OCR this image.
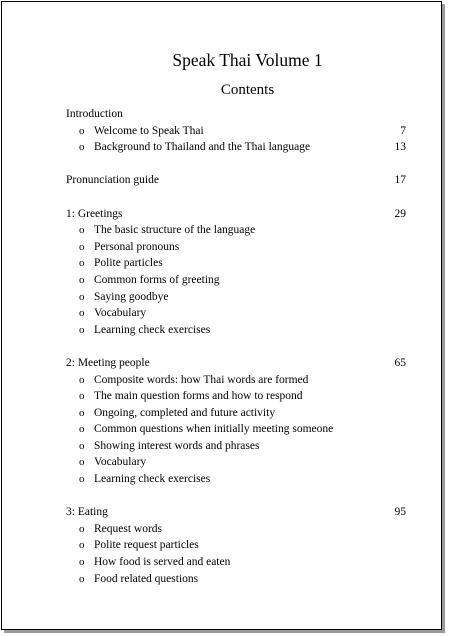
Speak Thai Volume 1
Contents
Introduction
o Welcome to Speak Thai	7
o Background to Thailand and the Thai language	13
Pronunciation guide	17
1: Greetings	29
o The basic structure of the language
o Personal pronouns
o Polite particles
o Common forms of greeting
o Saying goodbye
o Vocabulary
o Learning check exercises
2: Meeting people	65
o Composite words: how Thai words are formed
o The main question forms and how to respond
o Ongoing, completed and future activity
o Common questions when initially meeting someone
o Showing interest words and phrases
o Vocabulary
o Learning check exercises
3: Eating	95
o Request words
o Polite request particles
o How food is served and eaten
o Food related questions
